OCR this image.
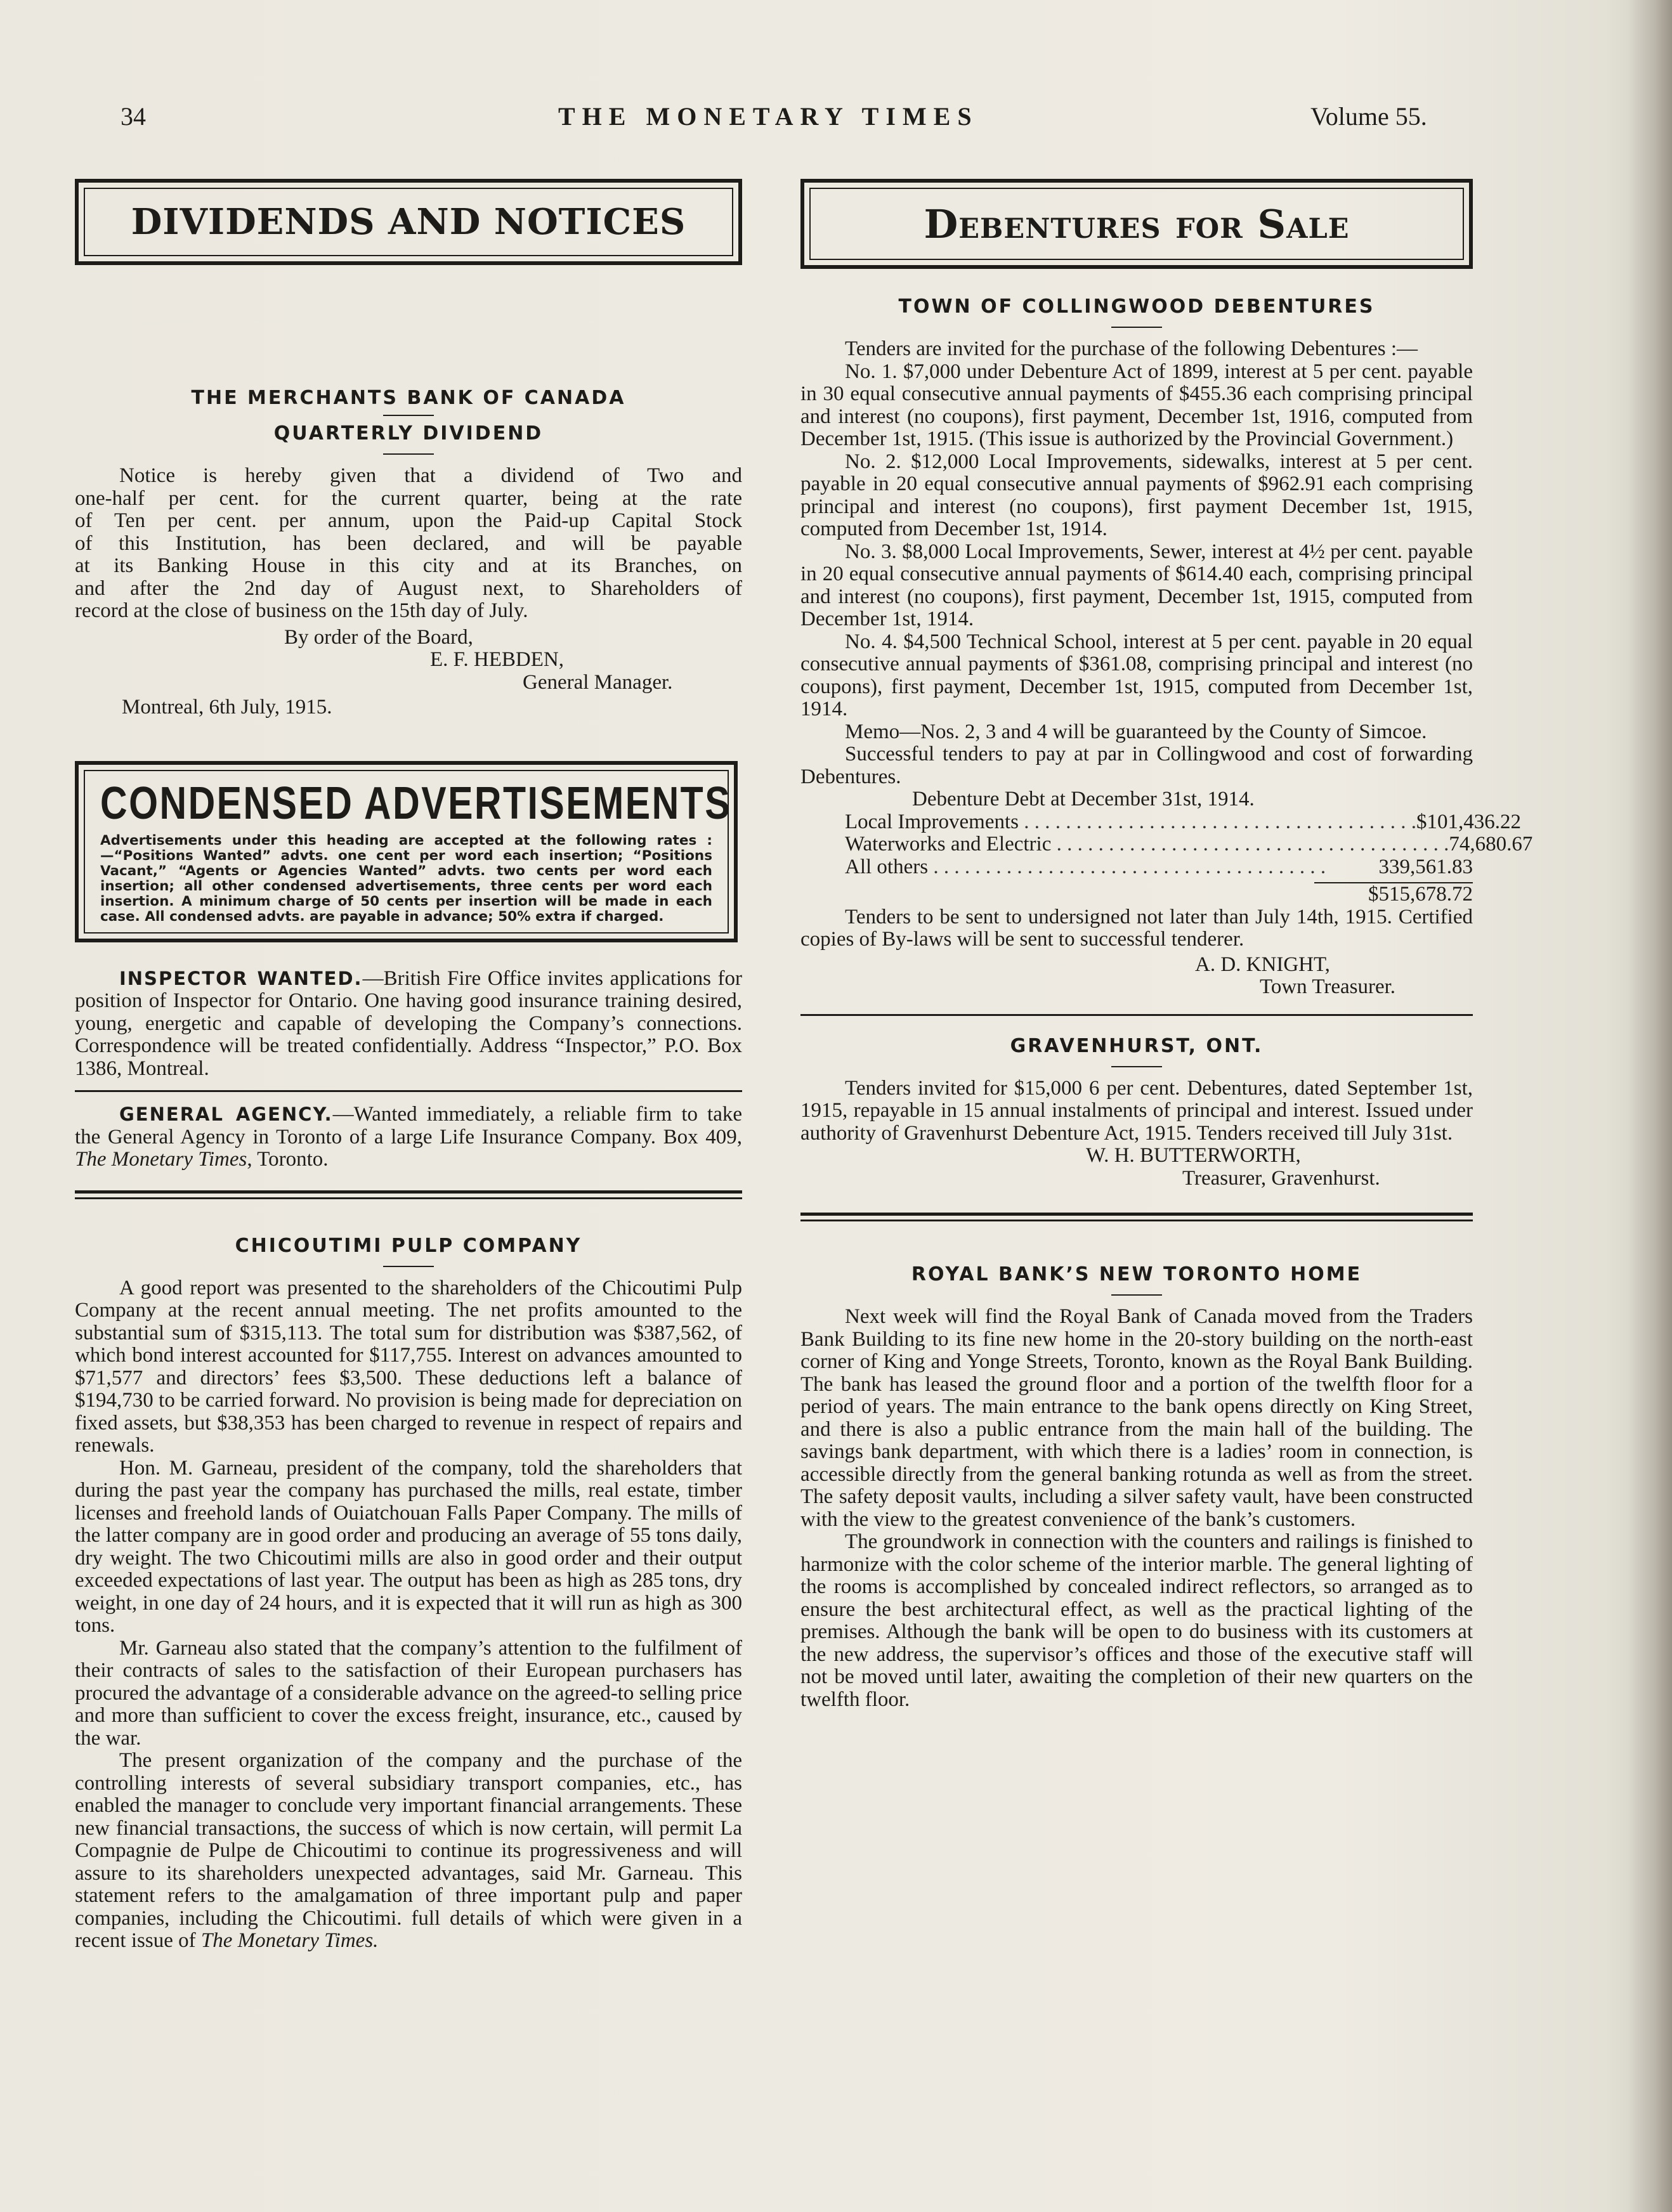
34	THE MONETARY TIMES	Volume 55.
DIVIDENDS AND NOTICES
THE MERCHANTS BANK OF CANADA
QUARTERLY DIVIDEND
Notice is hereby given that a dividend of Two and
one-half per cent. for the current quarter, being at the rate
of Ten per cent. per annum, upon the Paid-up Capital Stock
of this Institution, has been declared, and will be payable
at its Banking House in this city and at its Branches, on
and after the 2nd day of August next, to Shareholders of
record at the close of business on the 15th day of July.
By order of the Board,
E. F. HEBDEN,
General Manager.
Montreal, 6th July, 1915.
CONDENSED ADVERTISEMENTS
Advertisements under this heading are accepted at the following rates :—“Positions Wanted” advts. one cent per word each insertion; “Positions Vacant,” “Agents or Agencies Wanted” advts. two cents per word each insertion; all other condensed advertisements, three cents per word each insertion. A minimum charge of 50 cents per insertion will be made in each case. All condensed advts. are payable in advance; 50% extra if charged.

INSPECTOR WANTED.—British Fire Office invites applications for position of Inspector for Ontario. One having good insurance training desired, young, energetic and capable of developing the Company’s connections. Correspondence will be treated confidentially. Address “Inspector,” P.O. Box 1386, Montreal.

GENERAL AGENCY.—Wanted immediately, a reliable firm to take the General Agency in Toronto of a large Life Insurance Company. Box 409, The Monetary Times, Toronto.

CHICOUTIMI PULP COMPANY

A good report was presented to the shareholders of the Chicoutimi Pulp Company at the recent annual meeting. The net profits amounted to the substantial sum of $315,113. The total sum for distribution was $387,562, of which bond interest accounted for $117,755. Interest on advances amounted to $71,577 and directors’ fees $3,500. These deductions left a balance of $194,730 to be carried forward. No provision is being made for depreciation on fixed assets, but $38,353 has been charged to revenue in respect of repairs and renewals.

Hon. M. Garneau, president of the company, told the shareholders that during the past year the company has purchased the mills, real estate, timber licenses and freehold lands of Ouiatchouan Falls Paper Company. The mills of the latter company are in good order and producing an average of 55 tons daily, dry weight. The two Chicoutimi mills are also in good order and their output exceeded expectations of last year. The output has been as high as 285 tons, dry weight, in one day of 24 hours, and it is expected that it will run as high as 300 tons.

Mr. Garneau also stated that the company’s attention to the fulfilment of their contracts of sales to the satisfaction of their European purchasers has procured the advantage of a considerable advance on the agreed-to selling price and more than sufficient to cover the excess freight, insurance, etc., caused by the war.

The present organization of the company and the purchase of the controlling interests of several subsidiary transport companies, etc., has enabled the manager to conclude very important financial arrangements. These new financial transactions, the success of which is now certain, will permit La Compagnie de Pulpe de Chicoutimi to continue its progressiveness and will assure to its shareholders unexpected advantages, said Mr. Garneau. This statement refers to the amalgamation of three important pulp and paper companies, including the Chicoutimi. full details of which were given in a recent issue of The Monetary Times.

Debentures for Sale
TOWN OF COLLINGWOOD DEBENTURES

Tenders are invited for the purchase of the following Debentures :—

No. 1. $7,000 under Debenture Act of 1899, interest at 5 per cent. payable in 30 equal consecutive annual payments of $455.36 each comprising principal and interest (no coupons), first payment, December 1st, 1916, computed from December 1st, 1915. (This issue is authorized by the Provincial Government.)

No. 2. $12,000 Local Improvements, sidewalks, interest at 5 per cent. payable in 20 equal consecutive annual payments of $962.91 each comprising principal and interest (no coupons), first payment December 1st, 1915, computed from December 1st, 1914.

No. 3. $8,000 Local Improvements, Sewer, interest at 4½ per cent. payable in 20 equal consecutive annual payments of $614.40 each, comprising principal and interest (no coupons), first payment, December 1st, 1915, computed from December 1st, 1914.

No. 4. $4,500 Technical School, interest at 5 per cent. payable in 20 equal consecutive annual payments of $361.08, comprising principal and interest (no coupons), first payment, December 1st, 1915, computed from December 1st, 1914.

Memo—Nos. 2, 3 and 4 will be guaranteed by the County of Simcoe.

Successful tenders to pay at par in Collingwood and cost of forwarding Debentures.

Debenture Debt at December 31st, 1914.
Local Improvements . . . . . . . . . . . . . . . . . . . . . . . . . . . . . . . . . . . . . . $101,436.22
Waterworks and Electric . . . . . . . . . . . . . . . . . . . . . . . . . . . . . . . . . . . . . . 74,680.67
All others . . . . . . . . . . . . . . . . . . . . . . . . . . . . . . . . . . . . . .	339,561.83
$515,678.72

Tenders to be sent to undersigned not later than July 14th, 1915. Certified copies of By-laws will be sent to successful tenderer.

A. D. KNIGHT,
Town Treasurer.
GRAVENHURST, ONT.

Tenders invited for $15,000 6 per cent. Debentures, dated September 1st, 1915, repayable in 15 annual instalments of principal and interest. Issued under authority of Gravenhurst Debenture Act, 1915. Tenders received till July 31st.

W. H. BUTTERWORTH,
Treasurer, Gravenhurst.
ROYAL BANK’S NEW TORONTO HOME

Next week will find the Royal Bank of Canada moved from the Traders Bank Building to its fine new home in the 20-story building on the north-east corner of King and Yonge Streets, Toronto, known as the Royal Bank Building. The bank has leased the ground floor and a portion of the twelfth floor for a period of years. The main entrance to the bank opens directly on King Street, and there is also a public entrance from the main hall of the building. The savings bank department, with which there is a ladies’ room in connection, is accessible directly from the general banking rotunda as well as from the street. The safety deposit vaults, including a silver safety vault, have been constructed with the view to the greatest convenience of the bank’s customers.

The groundwork in connection with the counters and railings is finished to harmonize with the color scheme of the interior marble. The general lighting of the rooms is accomplished by concealed indirect reflectors, so arranged as to ensure the best architectural effect, as well as the practical lighting of the premises. Although the bank will be open to do business with its customers at the new address, the supervisor’s offices and those of the executive staff will not be moved until later, awaiting the completion of their new quarters on the twelfth floor.
